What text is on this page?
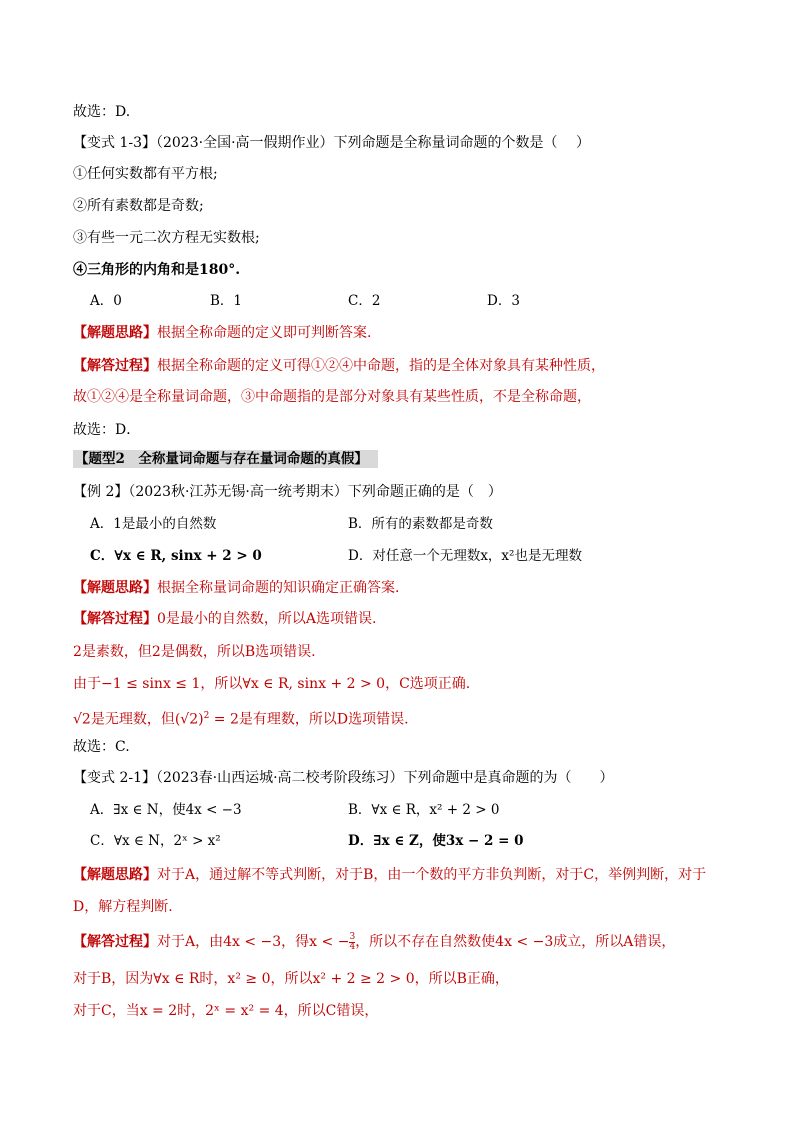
故选：D.
【变式 1-3】（2023·全国·高一假期作业）下列命题是全称量词命题的个数是（　 ）
①任何实数都有平方根;
②所有素数都是奇数;
③有些一元二次方程无实数根;
④三角形的内角和是180°.
A．0	B．1	C．2	D．3
【解题思路】根据全称命题的定义即可判断答案.
【解答过程】根据全称命题的定义可得①②④中命题，指的是全体对象具有某种性质，
故①②④是全称量词命题，③中命题指的是部分对象具有某些性质，不是全称命题，
故选：D．
【题型2　全称量词命题与存在量词命题的真假】
【例 2】（2023秋·江苏无锡·高一统考期末）下列命题正确的是（　）
A．1是最小的自然数	B．所有的素数都是奇数
C．∀x ∈ R, sinx + 2 > 0	D．对任意一个无理数x，x²也是无理数
【解题思路】根据全称量词命题的知识确定正确答案.
【解答过程】0是最小的自然数，所以A选项错误.
2是素数，但2是偶数，所以B选项错误.
由于−1 ≤ sinx ≤ 1，所以∀x ∈ R, sinx + 2 > 0，C选项正确.
√2是无理数，但$(√2)^2 = 2$是有理数，所以D选项错误.
故选：C.
【变式 2-1】（2023春·山西运城·高二校考阶段练习）下列命题中是真命题的为（　　）
A．∃x ∈ N，使4x < −3	B．∀x ∈ R，x² + 2 > 0
C．∀x ∈ N，2ˣ > x²	D．∃x ∈ Z，使3x − 2 = 0
【解题思路】对于A，通过解不等式判断，对于B，由一个数的平方非负判断，对于C，举例判断，对于
D，解方程判断.
【解答过程】对于A，由4x < −3，得x < − $\frac{3}{4}$ ，所以不存在自然数使4x < −3成立，所以A错误，
对于B，因为∀x ∈ R时，x² ≥ 0，所以x² + 2 ≥ 2 > 0，所以B正确，
对于C，当x = 2时，2ˣ = x² = 4，所以C错误，
